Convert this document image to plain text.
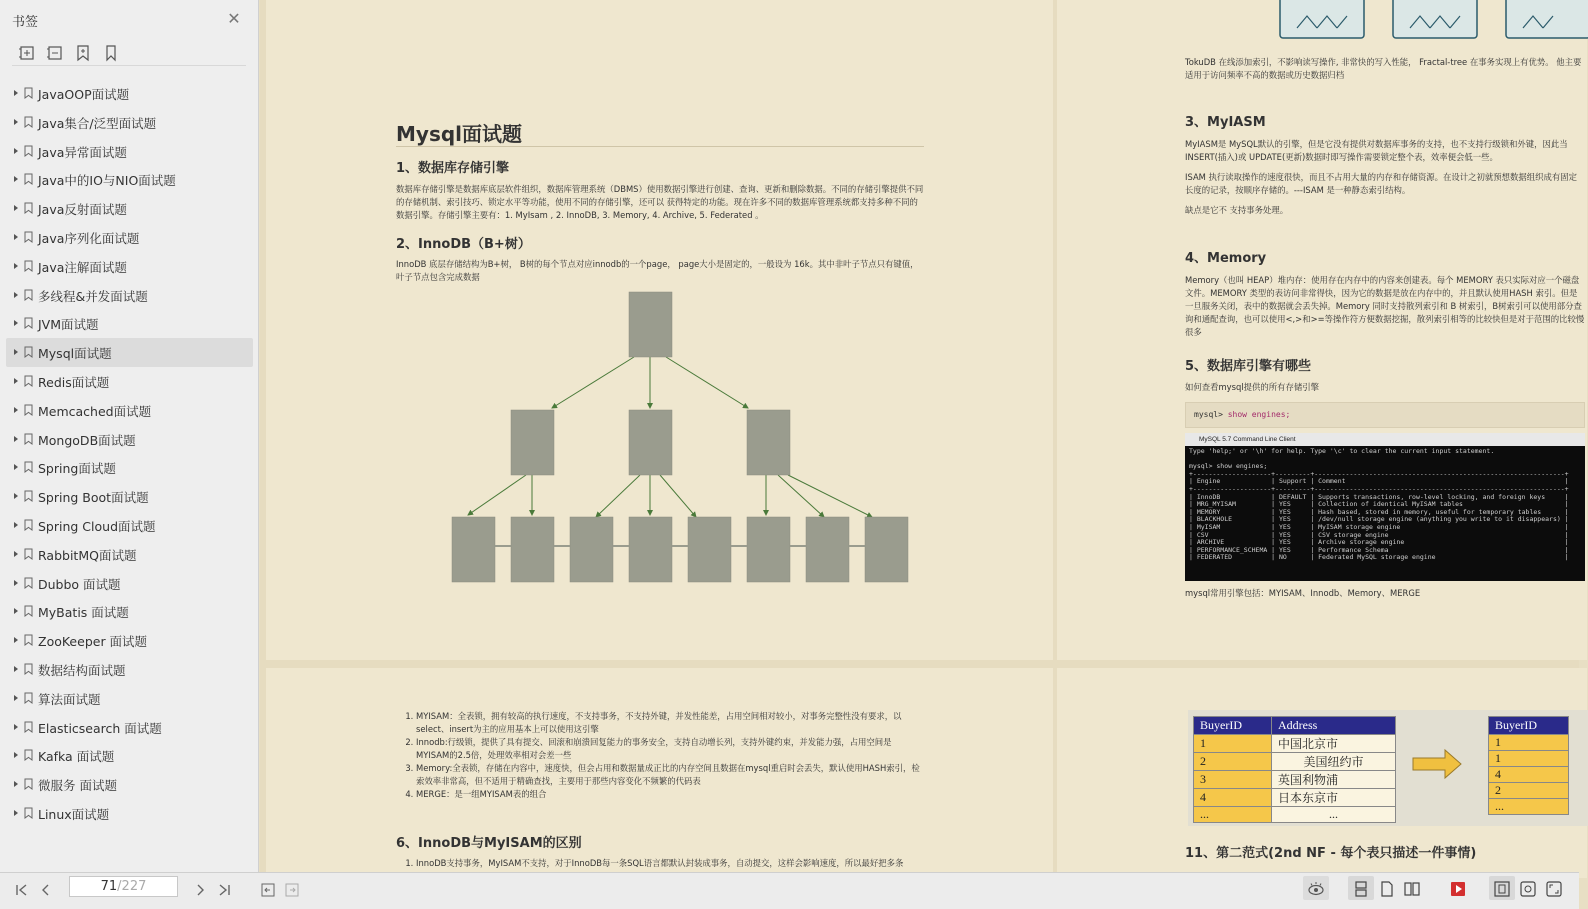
书签	✕
JavaOOP面试题
Java集合/泛型面试题
Java异常面试题
Java中的IO与NIO面试题
Java反射面试题
Java序列化面试题
Java注解面试题
多线程&并发面试题
JVM面试题
Mysql面试题
Redis面试题
Memcached面试题
MongoDB面试题
Spring面试题
Spring Boot面试题
Spring Cloud面试题
RabbitMQ面试题
Dubbo 面试题
MyBatis 面试题
ZooKeeper 面试题
数据结构面试题
算法面试题
Elasticsearch 面试题
Kafka 面试题
微服务 面试题
Linux面试题
Mysql面试题
1、数据库存储引擎
数据库存储引擎是数据库底层软件组织，数据库管理系统（DBMS）使用数据引擎进行创建、查询、更新和删除数据。不同的存储引擎提供不同的存储机制、索引技巧、锁定水平等功能，使用不同的存储引擎，还可以 获得特定的功能。现在许多不同的数据库管理系统都支持多种不同的数据引擎。存储引擎主要有：1. MyIsam , 2. InnoDB, 3. Memory, 4. Archive, 5. Federated 。
2、InnoDB（B+树）
InnoDB 底层存储结构为B+树， B树的每个节点对应innodb的一个page， page大小是固定的，一般设为 16k。其中非叶子节点只有键值，叶子节点包含完成数据
TokuDB 在线添加索引，不影响读写操作, 非常快的写入性能， Fractal-tree 在事务实现上有优势。 他主要适用于访问频率不高的数据或历史数据归档
3、MyIASM
MyIASM是 MySQL默认的引擎，但是它没有提供对数据库事务的支持，也不支持行级锁和外键，因此当 INSERT(插入)或 UPDATE(更新)数据时即写操作需要锁定整个表，效率便会低一些。
ISAM 执行读取操作的速度很快，而且不占用大量的内存和存储资源。在设计之初就预想数据组织成有固定长度的记录，按顺序存储的。---ISAM 是一种静态索引结构。
缺点是它不 支持事务处理。
4、Memory
Memory（也叫 HEAP）堆内存：使用存在内存中的内容来创建表。每个 MEMORY 表只实际对应一个磁盘文件。MEMORY 类型的表访问非常得快，因为它的数据是放在内存中的，并且默认使用HASH 索引。但是一旦服务关闭，表中的数据就会丢失掉。Memory 同时支持散列索引和 B 树索引，B树索引可以使用部分查询和通配查询，也可以使用<,>和>=等操作符方便数据挖掘，散列索引相等的比较快但是对于范围的比较慢很多
5、数据库引擎有哪些
如何查看mysql提供的所有存储引擎
mysql> show engines;
mysql常用引擎包括：MYISAM、Innodb、Memory、MERGE
MySQL 5.7 Command Line Client
Type 'help;' or '\h' for help. Type '\c' to clear the current input statement.

mysql> show engines;
+--------------------+---------+----------------------------------------------------------------+
| Engine             | Support | Comment                                                        |
+--------------------+---------+----------------------------------------------------------------+
| InnoDB             | DEFAULT | Supports transactions, row-level locking, and foreign keys     |
| MRG_MYISAM         | YES     | Collection of identical MyISAM tables                          |
| MEMORY             | YES     | Hash based, stored in memory, useful for temporary tables      |
| BLACKHOLE          | YES     | /dev/null storage engine (anything you write to it disappears) |
| MyISAM             | YES     | MyISAM storage engine                                          |
| CSV                | YES     | CSV storage engine                                             |
| ARCHIVE            | YES     | Archive storage engine                                         |
| PERFORMANCE_SCHEMA | YES     | Performance Schema                                             |
| FEDERATED          | NO      | Federated MySQL storage engine                                 |
1. MYISAM：全表锁，拥有较高的执行速度，不支持事务，不支持外键，并发性能差，占用空间相对较小，对事务完整性没有要求，以select、insert为主的应用基本上可以使用这引擎
2. Innodb:行级锁，提供了具有提交、回滚和崩溃回复能力的事务安全，支持自动增长列，支持外键约束，并发能力强，占用空间是MYISAM的2.5倍，处理效率相对会差一些
3. Memory:全表锁，存储在内容中，速度快，但会占用和数据量成正比的内存空间且数据在mysql重启时会丢失，默认使用HASH索引，检索效率非常高，但不适用于精确查找，主要用于那些内容变化不频繁的代码表
4. MERGE：是一组MYISAM表的组合
6、InnoDB与MyISAM的区别
1. InnoDB支持事务，MyISAM不支持，对于InnoDB每一条SQL语言都默认封装成事务，自动提交，这样会影响速度，所以最好把多条
BuyerID	Address
1	中国北京市
2	美国纽约市
3	英国利物浦
4	日本东京市
...	...
BuyerID
1
1
4
2
...
11、第二范式(2nd NF - 每个表只描述一件事情)
71/227
